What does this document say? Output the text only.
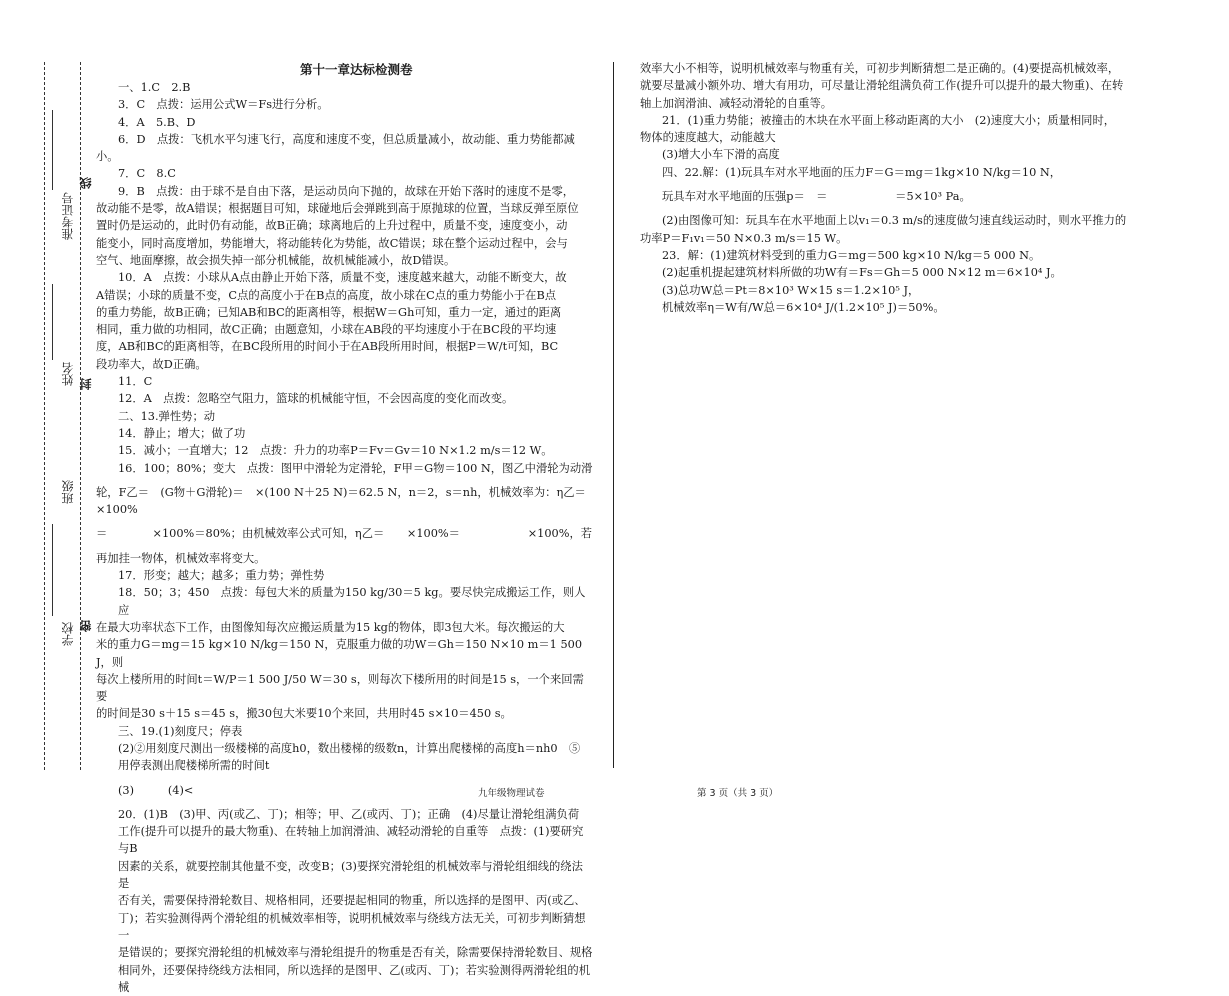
准考证号
线
姓名 封
班级
学校 密
第十一章达标检测卷

一、1.C　2.B

3．C　点拨：运用公式W＝Fs进行分析。

4．A　5.B、D

6．D　点拨：飞机水平匀速飞行，高度和速度不变，但总质量减小，故动能、重力势能都减

小。

7．C　8.C

9．B　点拨：由于球不是自由下落，是运动员向下抛的，故球在开始下落时的速度不是零，

故动能不是零，故A错误；根据题目可知，球碰地后会弹跳到高于原抛球的位置，当球反弹至原位

置时仍是运动的，此时仍有动能，故B正确；球离地后的上升过程中，质量不变，速度变小，动

能变小，同时高度增加，势能增大，将动能转化为势能，故C错误；球在整个运动过程中，会与

空气、地面摩擦，故会损失掉一部分机械能，故机械能减小，故D错误。

10．A　点拨：小球从A点由静止开始下落，质量不变，速度越来越大，动能不断变大，故

A错误；小球的质量不变，C点的高度小于在B点的高度，故小球在C点的重力势能小于在B点

的重力势能，故B正确；已知AB和BC的距离相等，根据W＝Gh可知，重力一定，通过的距离

相同，重力做的功相同，故C正确；由题意知，小球在AB段的平均速度小于在BC段的平均速

度，AB和BC的距离相等，在BC段所用的时间小于在AB段所用时间，根据P＝W/t可知，BC

段功率大，故D正确。

11．C

12．A　点拨：忽略空气阻力，篮球的机械能守恒，不会因高度的变化而改变。

二、13.弹性势；动

14．静止；增大；做了功

15．减小；一直增大；12　点拨：升力的功率P＝Fv＝Gv＝10 N×1.2 m/s＝12 W。

16．100；80%；变大　点拨：图甲中滑轮为定滑轮，F甲＝G物＝100 N，图乙中滑轮为动滑

轮，F乙＝　(G物＋G滑轮)＝　×(100 N＋25 N)＝62.5 N，n＝2，s＝nh，机械效率为：η乙＝　　×100%

＝　　　　×100%＝80%；由机械效率公式可知，η乙＝　　×100%＝　　　　　　×100%，若

再加挂一物体，机械效率将变大。

17．形变；越大；越多；重力势；弹性势

18．50；3；450　点拨：每包大米的质量为150 kg/30＝5 kg。要尽快完成搬运工作，则人应

在最大功率状态下工作，由图像知每次应搬运质量为15 kg的物体，即3包大米。每次搬运的大

米的重力G＝mg＝15 kg×10 N/kg＝150 N，克服重力做的功W＝Gh＝150 N×10 m＝1 500 J，则

每次上楼所用的时间t＝W/P＝1 500 J/50 W＝30 s，则每次下楼所用的时间是15 s，一个来回需要

的时间是30 s＋15 s＝45 s，搬30包大米要10个来回，共用时45 s×10＝450 s。

三、19.(1)刻度尺；停表

(2)②用刻度尺测出一级楼梯的高度h0，数出楼梯的级数n，计算出爬楼梯的高度h＝nh0　⑤

用停表测出爬楼梯所需的时间t

(3)　　　(4)<

20．(1)B　(3)甲、丙(或乙、丁)；相等；甲、乙(或丙、丁)；正确　(4)尽量让滑轮组满负荷

工作(提升可以提升的最大物重)、在转轴上加润滑油、减轻动滑轮的自重等　点拨：(1)要研究与B

因素的关系，就要控制其他量不变，改变B；(3)要探究滑轮组的机械效率与滑轮组细线的绕法是

否有关，需要保持滑轮数目、规格相同，还要提起相同的物重，所以选择的是图甲、丙(或乙、

丁)；若实验测得两个滑轮组的机械效率相等，说明机械效率与绕线方法无关，可初步判断猜想一

是错误的；要探究滑轮组的机械效率与滑轮组提升的物重是否有关，除需要保持滑轮数目、规格

相同外，还要保持绕线方法相同，所以选择的是图甲、乙(或丙、丁)；若实验测得两滑轮组的机械

效率大小不相等，说明机械效率与物重有关，可初步判断猜想二是正确的。(4)要提高机械效率，

就要尽量减小额外功、增大有用功，可尽量让滑轮组满负荷工作(提升可以提升的最大物重)、在转

轴上加润滑油、减轻动滑轮的自重等。

21．(1)重力势能；被撞击的木块在水平面上移动距离的大小　(2)速度大小；质量相同时，

物体的速度越大，动能越大

(3)增大小车下滑的高度

四、22.解：(1)玩具车对水平地面的压力F＝G＝mg＝1kg×10 N/kg＝10 N，

玩具车对水平地面的压强p＝　＝　　　　　　＝5×10³ Pa。

(2)由图像可知：玩具车在水平地面上以v₁＝0.3 m/s的速度做匀速直线运动时，则水平推力的

功率P＝F₁v₁＝50 N×0.3 m/s＝15 W。

23．解：(1)建筑材料受到的重力G＝mg＝500 kg×10 N/kg＝5 000 N。

(2)起重机提起建筑材料所做的功W有＝Fs＝Gh＝5 000 N×12 m＝6×10⁴ J。

(3)总功W总＝Pt＝8×10³ W×15 s＝1.2×10⁵ J，

机械效率η＝W有/W总＝6×10⁴ J/(1.2×10⁵ J)＝50%。

九年级物理试卷	第 3 页（共 3 页）
